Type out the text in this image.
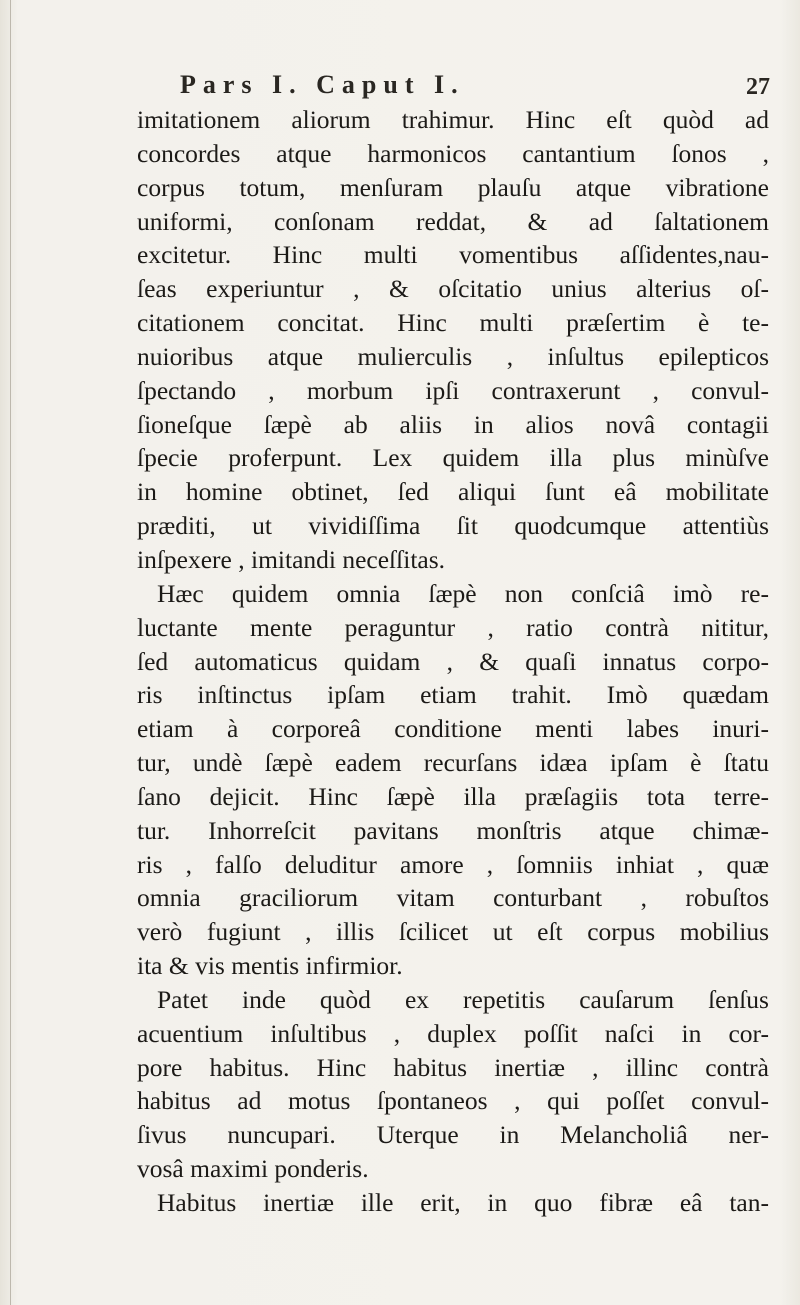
Pars I. Caput I.	27
imitationem aliorum trahimur. Hinc eſt quòd ad
concordes atque harmonicos cantantium ſonos ,
corpus totum, menſuram plauſu atque vibratione
uniformi, conſonam reddat, & ad ſaltationem
excitetur. Hinc multi vomentibus aſſidentes,nau-
ſeas experiuntur , & oſcitatio unius alterius oſ-
citationem concitat. Hinc multi præſertim è te-
nuioribus atque mulierculis , inſultus epilepticos
ſpectando , morbum ipſi contraxerunt , convul-
ſioneſque ſæpè ab aliis in alios novâ contagii
ſpecie proferpunt. Lex quidem illa plus minùſve
in homine obtinet, ſed aliqui ſunt eâ mobilitate
præditi, ut vividiſſima ſit quodcumque attentiùs
inſpexere , imitandi neceſſitas.
Hæc quidem omnia ſæpè non conſciâ imò re-
luctante mente peraguntur , ratio contrà nititur,
ſed automaticus quidam , & quaſi innatus corpo-
ris inſtinctus ipſam etiam trahit. Imò quædam
etiam à corporeâ conditione menti labes inuri-
tur, undè ſæpè eadem recurſans idæa ipſam è ſtatu
ſano dejicit. Hinc ſæpè illa præſagiis tota terre-
tur. Inhorreſcit pavitans monſtris atque chimæ-
ris , falſo deluditur amore , ſomniis inhiat , quæ
omnia graciliorum vitam conturbant , robuſtos
verò fugiunt , illis ſcilicet ut eſt corpus mobilius
ita & vis mentis infirmior.
Patet inde quòd ex repetitis cauſarum ſenſus
acuentium inſultibus , duplex poſſit naſci in cor-
pore habitus. Hinc habitus inertiæ , illinc contrà
habitus ad motus ſpontaneos , qui poſſet convul-
ſivus nuncupari. Uterque in Melancholiâ ner-
vosâ maximi ponderis.
Habitus inertiæ ille erit, in quo fibræ eâ tan-
